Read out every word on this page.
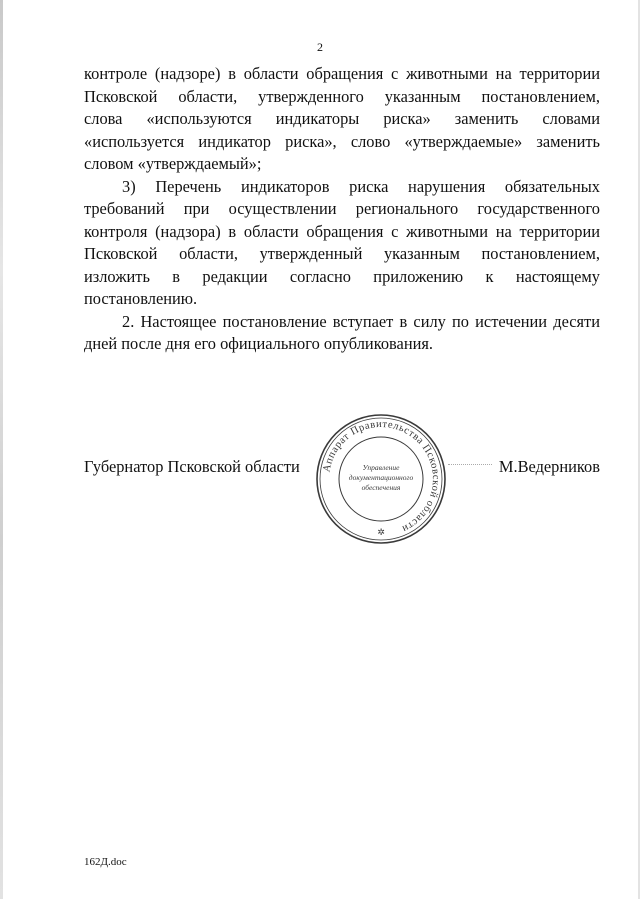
2
контроле (надзоре) в области обращения с животными на территории
Псковской области, утвержденного указанным постановлением,
слова «используются индикаторы риска» заменить словами
«используется индикатор риска», слово «утверждаемые» заменить
словом «утверждаемый»;
3) Перечень индикаторов риска нарушения обязательных
требований при осуществлении регионального государственного
контроля (надзора) в области обращения с животными на территории
Псковской области, утвержденный указанным постановлением,
изложить в редакции согласно приложению к настоящему
постановлению.
2. Настоящее постановление вступает в силу по истечении десяти
дней после дня его официального опубликования.
Губернатор Псковской области	М.Ведерников
Аппарат Правительства Псковской области
Управление
документационного
обеспечения
✲
162Д.doc
